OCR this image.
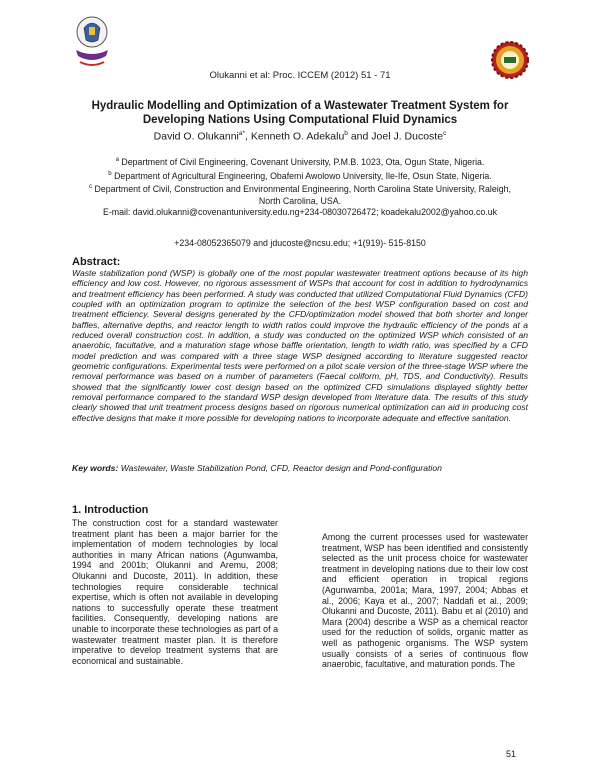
Olukanni et al: Proc. ICCEM (2012) 51 - 71
Hydraulic Modelling and Optimization of a Wastewater Treatment System for Developing Nations Using Computational Fluid Dynamics
David O. Olukanni$^{a*}$, Kenneth O. Adekalu$^b$ and Joel J. Ducoste$^c$

$^a$ Department of Civil Engineering, Covenant University, P.M.B. 1023, Ota, Ogun State, Nigeria.

$^b$ Department of Agricultural Engineering, Obafemi Awolowo University, Ile-Ife, Osun State, Nigeria.

$^c$ Department of Civil, Construction and Environmental Engineering, North Carolina State University, Raleigh,

North Carolina, USA.

E-mail: david.olukanni@covenantuniversity.edu.ng+234-08030726472; koadekalu2002@yahoo.co.uk

+234-08052365079 and jducoste@ncsu.edu; +1(919)- 515-8150
Abstract:
Waste stabilization pond (WSP) is globally one of the most popular wastewater treatment options because of its high efficiency and low cost. However, no rigorous assessment of WSPs that account for cost in addition to hydrodynamics and treatment efficiency has been performed. A study was conducted that utilized Computational Fluid Dynamics (CFD) coupled with an optimization program to optimize the selection of the best WSP configuration based on cost and treatment efficiency. Several designs generated by the CFD/optimization model showed that both shorter and longer baffles, alternative depths, and reactor length to width ratios could improve the hydraulic efficiency of the ponds at a reduced overall construction cost. In addition, a study was conducted on the optimized WSP which consisted of an anaerobic, facultative, and a maturation stage whose baffle orientation, length to width ratio, was specified by a CFD model prediction and was compared with a three stage WSP designed according to literature suggested reactor geometric configurations. Experimental tests were performed on a pilot scale version of the three-stage WSP where the removal performance was based on a number of parameters (Faecal coliform, pH, TDS, and Conductivity). Results showed that the significantly lower cost design based on the optimized CFD simulations displayed slightly better removal performance compared to the standard WSP design developed from literature data. The results of this study clearly showed that unit treatment process designs based on rigorous numerical optimization can aid in producing cost effective designs that make it more possible for developing nations to incorporate adequate and effective sanitation.
Key words: Wastewater, Waste Stabilization Pond, CFD, Reactor design and Pond-configuration
1. Introduction
The construction cost for a standard wastewater treatment plant has been a major barrier for the implementation of modern technologies by local authorities in many African nations (Agunwamba, 1994 and 2001b; Olukanni and Aremu, 2008; Olukanni and Ducoste, 2011). In addition, these technologies require considerable technical expertise, which is often not available in developing nations to successfully operate these treatment facilities. Consequently, developing nations are unable to incorporate these technologies as part of a wastewater treatment master plan. It is therefore imperative to develop treatment systems that are economical and sustainable.
Among the current processes used for wastewater treatment, WSP has been identified and consistently selected as the unit process choice for wastewater treatment in developing nations due to their low cost and efficient operation in tropical regions (Agunwamba, 2001a; Mara, 1997, 2004; Abbas et al., 2006; Kaya et al., 2007; Naddafi et al., 2009; Olukanni and Ducoste, 2011). Babu et al (2010) and Mara (2004) describe a WSP as a chemical reactor used for the reduction of solids, organic matter as well as pathogenic organisms. The WSP system usually consists of a series of continuous flow anaerobic, facultative, and maturation ponds. The
51
